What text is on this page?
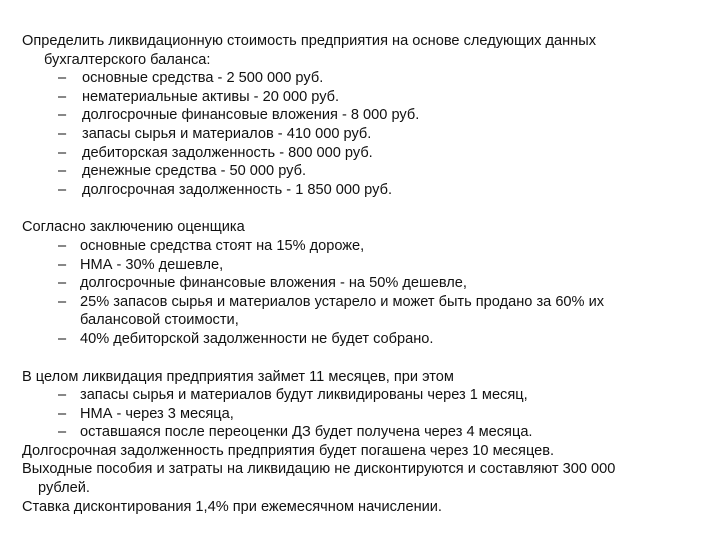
Определить ликвидационную стоимость предприятия на основе следующих данных
бухгалтерского баланса:
– основные средства - 2 500 000 руб.
– нематериальные активы - 20 000 руб.
– долгосрочные финансовые вложения - 8 000 руб.
– запасы сырья и материалов - 410 000 руб.
– дебиторская задолженность - 800 000 руб.
– денежные средства - 50 000 руб.
– долгосрочная задолженность - 1 850 000 руб.
Согласно заключению оценщика
– основные средства стоят на 15% дороже,
– НМА - 30% дешевле,
– долгосрочные финансовые вложения - на 50% дешевле,
– 25% запасов сырья и материалов устарело и может быть продано за 60% их
балансовой стоимости,
– 40% дебиторской задолженности не будет собрано.
В целом ликвидация предприятия займет 11 месяцев, при этом
– запасы сырья и материалов будут ликвидированы через 1 месяц,
– НМА - через 3 месяца,
– оставшаяся после переоценки ДЗ будет получена через 4 месяца.
Долгосрочная задолженность предприятия будет погашена через 10 месяцев.
Выходные пособия и затраты на ликвидацию не дисконтируются и составляют 300 000
рублей.
Ставка дисконтирования 1,4% при ежемесячном начислении.
